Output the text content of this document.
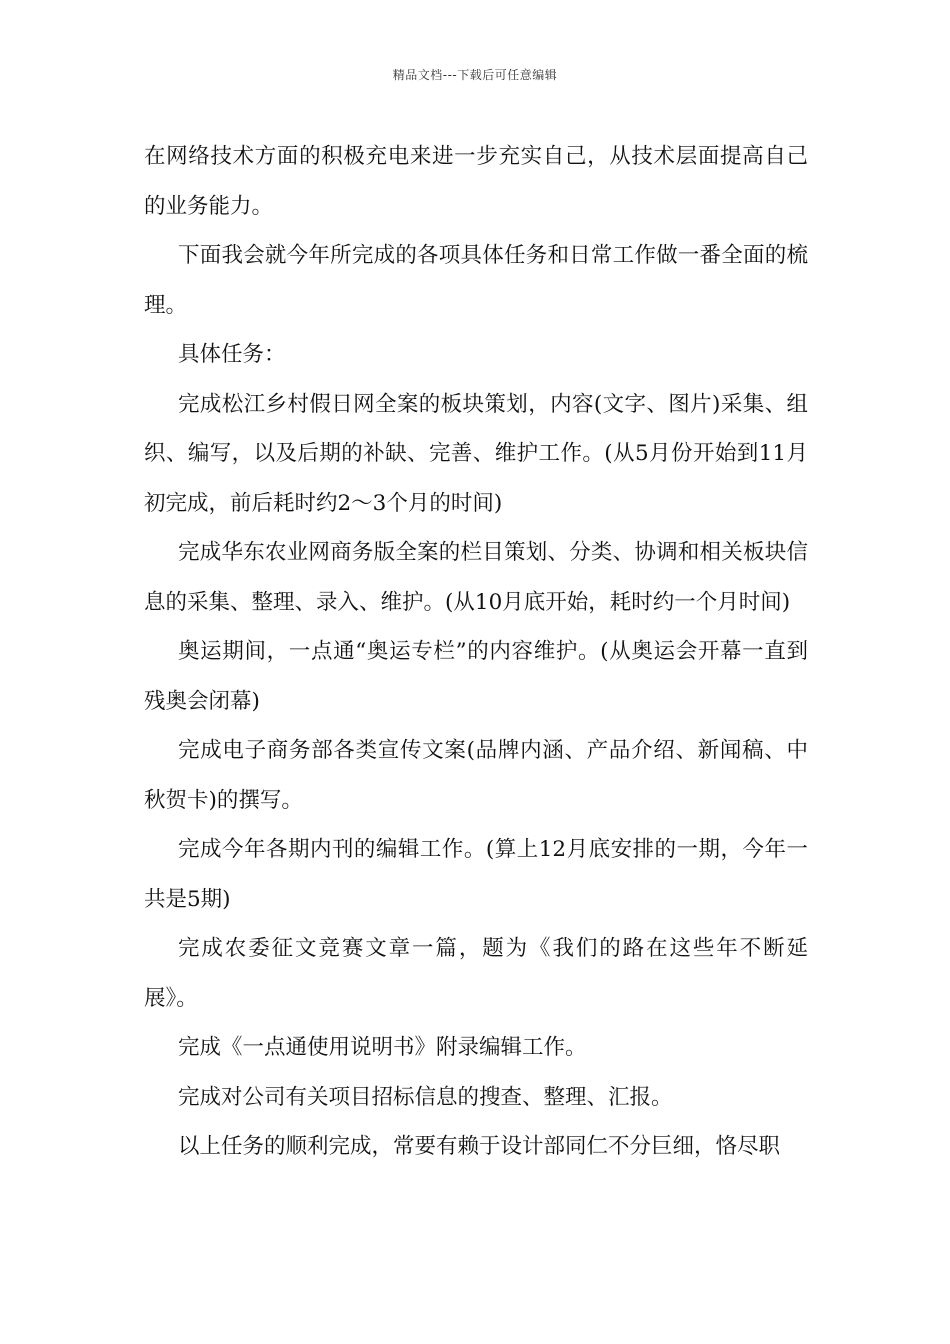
精品文档---下载后可任意编辑

在网络技术方面的积极充电来进一步充实自己，从技术层面提高自己的业务能力。

下面我会就今年所完成的各项具体任务和日常工作做一番全面的梳理。

具体任务：

完成松江乡村假日网全案的板块策划，内容(文字、图片)采集、组织、编写，以及后期的补缺、完善、维护工作。(从5月份开始到11月初完成，前后耗时约2～3个月的时间)

完成华东农业网商务版全案的栏目策划、分类、协调和相关板块信息的采集、整理、录入、维护。(从10月底开始，耗时约一个月时间)

奥运期间，一点通“奥运专栏”的内容维护。(从奥运会开幕一直到残奥会闭幕)

完成电子商务部各类宣传文案(品牌内涵、产品介绍、新闻稿、中秋贺卡)的撰写。

完成今年各期内刊的编辑工作。(算上12月底安排的一期，今年一共是5期)

完成农委征文竞赛文章一篇，题为《我们的路在这些年不断延展》。

完成《一点通使用说明书》附录编辑工作。

完成对公司有关项目招标信息的搜查、整理、汇报。

以上任务的顺利完成，常要有赖于设计部同仁不分巨细，恪尽职
